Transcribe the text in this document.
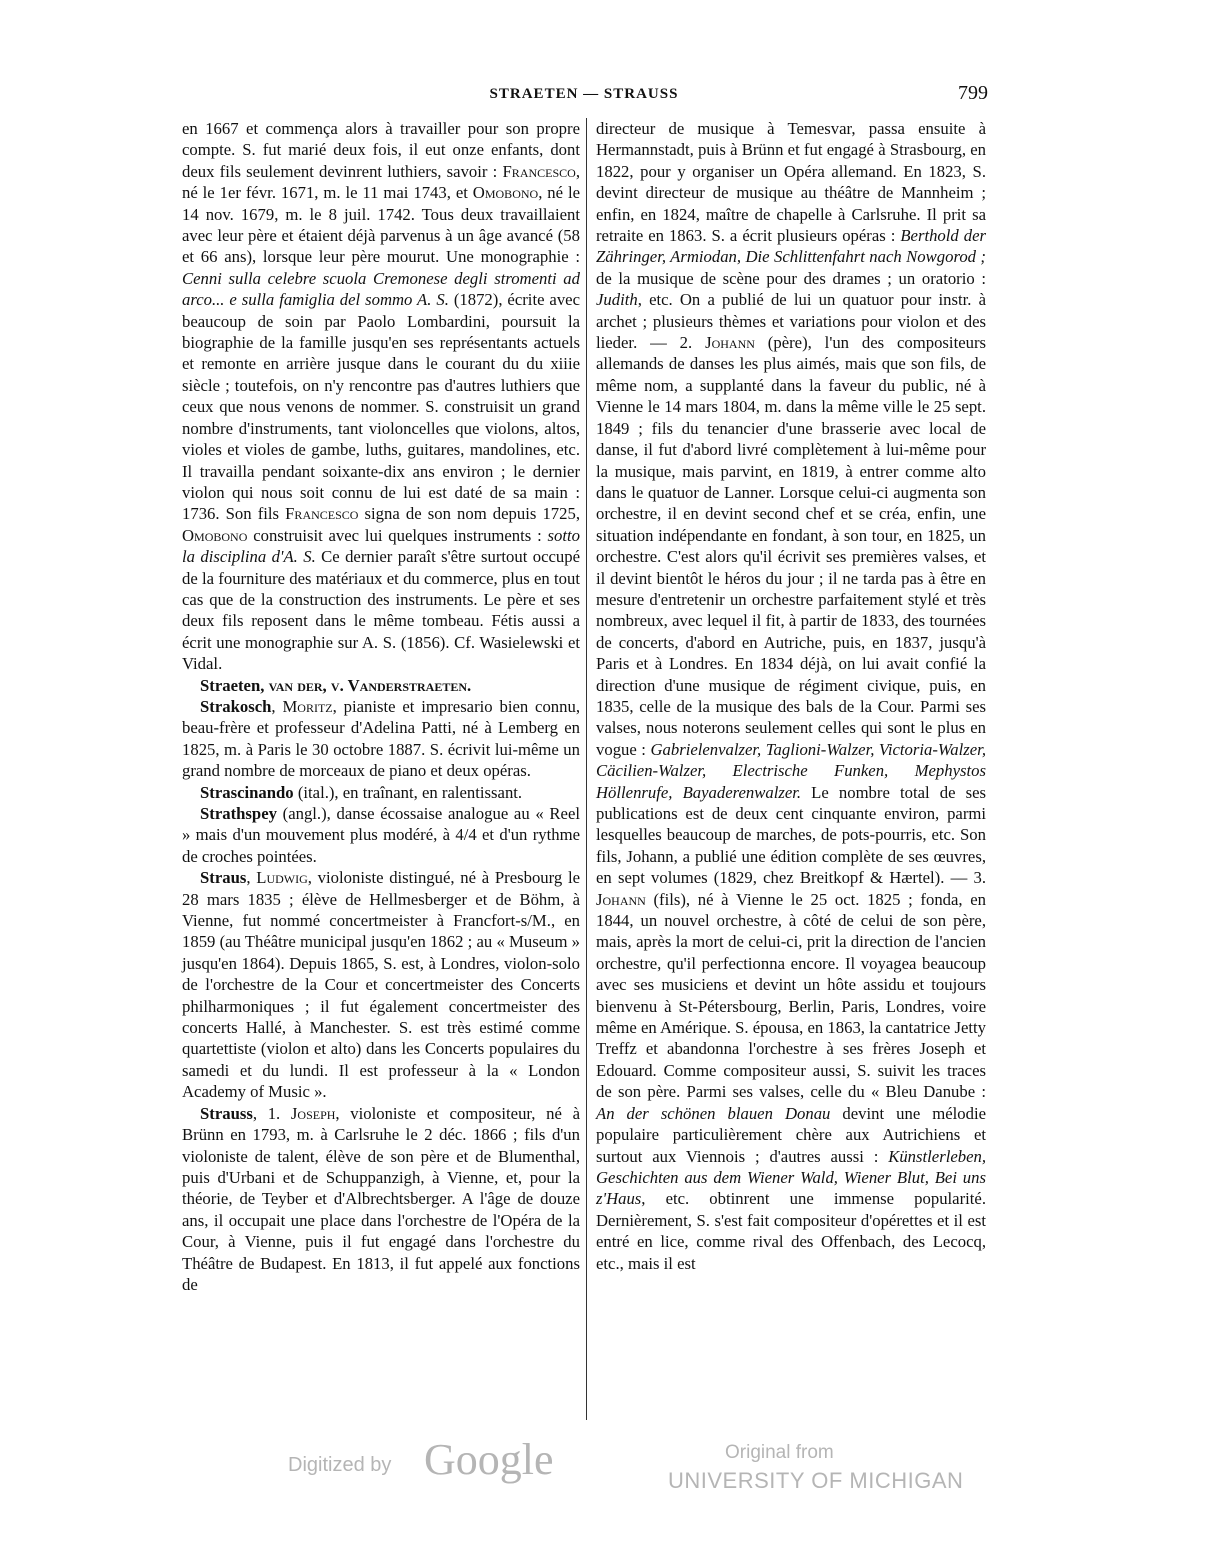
STRAETEN — STRAUSS	799

en 1667 et commença alors à travailler pour son propre compte. S. fut marié deux fois, il eut onze enfants, dont deux fils seulement devinrent luthiers, savoir : Francesco, né le 1er févr. 1671, m. le 11 mai 1743, et Omobono, né le 14 nov. 1679, m. le 8 juil. 1742. Tous deux travaillaient avec leur père et étaient déjà parvenus à un âge avancé (58 et 66 ans), lorsque leur père mourut. Une monographie : Cenni sulla celebre scuola Cremonese degli stromenti ad arco... e sulla famiglia del sommo A. S. (1872), écrite avec beaucoup de soin par Paolo Lombardini, poursuit la biographie de la famille jusqu'en ses représentants actuels et remonte en arrière jusque dans le courant du du xiiie siècle ; toutefois, on n'y rencontre pas d'autres luthiers que ceux que nous venons de nommer. S. construisit un grand nombre d'instruments, tant violoncelles que violons, altos, violes et violes de gambe, luths, guitares, mandolines, etc. Il travailla pendant soixante-dix ans environ ; le dernier violon qui nous soit connu de lui est daté de sa main : 1736. Son fils Francesco signa de son nom depuis 1725, Omobono construisit avec lui quelques instruments : sotto la disciplina d'A. S. Ce dernier paraît s'être surtout occupé de la fourniture des matériaux et du commerce, plus en tout cas que de la construction des instruments. Le père et ses deux fils reposent dans le même tombeau. Fétis aussi a écrit une monographie sur A. S. (1856). Cf. Wasielewski et Vidal.

Straeten, van der, v. Vanderstraeten.

Strakosch, Moritz, pianiste et impresario bien connu, beau-frère et professeur d'Adelina Patti, né à Lemberg en 1825, m. à Paris le 30 octobre 1887. S. écrivit lui-même un grand nombre de morceaux de piano et deux opéras.

Strascinando (ital.), en traînant, en ralentissant.

Strathspey (angl.), danse écossaise analogue au « Reel » mais d'un mouvement plus modéré, à 4/4 et d'un rythme de croches pointées.

Straus, Ludwig, violoniste distingué, né à Presbourg le 28 mars 1835 ; élève de Hellmesberger et de Böhm, à Vienne, fut nommé concertmeister à Francfort-s/M., en 1859 (au Théâtre municipal jusqu'en 1862 ; au « Museum » jusqu'en 1864). Depuis 1865, S. est, à Londres, violon-solo de l'orchestre de la Cour et concertmeister des Concerts philharmoniques ; il fut également concertmeister des concerts Hallé, à Manchester. S. est très estimé comme quartettiste (violon et alto) dans les Concerts populaires du samedi et du lundi. Il est professeur à la « London Academy of Music ».

Strauss, 1. Joseph, violoniste et compositeur, né à Brünn en 1793, m. à Carlsruhe le 2 déc. 1866 ; fils d'un violoniste de talent, élève de son père et de Blumenthal, puis d'Urbani et de Schuppanzigh, à Vienne, et, pour la théorie, de Teyber et d'Albrechtsberger. A l'âge de douze ans, il occupait une place dans l'orchestre de l'Opéra de la Cour, à Vienne, puis il fut engagé dans l'orchestre du Théâtre de Budapest. En 1813, il fut appelé aux fonctions de

directeur de musique à Temesvar, passa ensuite à Hermannstadt, puis à Brünn et fut engagé à Strasbourg, en 1822, pour y organiser un Opéra allemand. En 1823, S. devint directeur de musique au théâtre de Mannheim ; enfin, en 1824, maître de chapelle à Carlsruhe. Il prit sa retraite en 1863. S. a écrit plusieurs opéras : Berthold der Zähringer, Armiodan, Die Schlittenfahrt nach Nowgorod ; de la musique de scène pour des drames ; un oratorio : Judith, etc. On a publié de lui un quatuor pour instr. à archet ; plusieurs thèmes et variations pour violon et des lieder. — 2. Johann (père), l'un des compositeurs allemands de danses les plus aimés, mais que son fils, de même nom, a supplanté dans la faveur du public, né à Vienne le 14 mars 1804, m. dans la même ville le 25 sept. 1849 ; fils du tenancier d'une brasserie avec local de danse, il fut d'abord livré complètement à lui-même pour la musique, mais parvint, en 1819, à entrer comme alto dans le quatuor de Lanner. Lorsque celui-ci augmenta son orchestre, il en devint second chef et se créa, enfin, une situation indépendante en fondant, à son tour, en 1825, un orchestre. C'est alors qu'il écrivit ses premières valses, et il devint bientôt le héros du jour ; il ne tarda pas à être en mesure d'entretenir un orchestre parfaitement stylé et très nombreux, avec lequel il fit, à partir de 1833, des tournées de concerts, d'abord en Autriche, puis, en 1837, jusqu'à Paris et à Londres. En 1834 déjà, on lui avait confié la direction d'une musique de régiment civique, puis, en 1835, celle de la musique des bals de la Cour. Parmi ses valses, nous noterons seulement celles qui sont le plus en vogue : Gabrielenvalzer, Taglioni-Walzer, Victoria-Walzer, Cäcilien-Walzer, Electrische Funken, Mephystos Höllenrufe, Bayaderenwalzer. Le nombre total de ses publications est de deux cent cinquante environ, parmi lesquelles beaucoup de marches, de pots-pourris, etc. Son fils, Johann, a publié une édition complète de ses œuvres, en sept volumes (1829, chez Breitkopf & Hærtel). — 3. Johann (fils), né à Vienne le 25 oct. 1825 ; fonda, en 1844, un nouvel orchestre, à côté de celui de son père, mais, après la mort de celui-ci, prit la direction de l'ancien orchestre, qu'il perfectionna encore. Il voyagea beaucoup avec ses musiciens et devint un hôte assidu et toujours bienvenu à St-Pétersbourg, Berlin, Paris, Londres, voire même en Amérique. S. épousa, en 1863, la cantatrice Jetty Treffz et abandonna l'orchestre à ses frères Joseph et Edouard. Comme compositeur aussi, S. suivit les traces de son père. Parmi ses valses, celle du « Bleu Danube : An der schönen blauen Donau devint une mélodie populaire particulièrement chère aux Autrichiens et surtout aux Viennois ; d'autres aussi : Künstlerleben, Geschichten aus dem Wiener Wald, Wiener Blut, Bei uns z'Haus, etc. obtinrent une immense popularité. Dernièrement, S. s'est fait compositeur d'opérettes et il est entré en lice, comme rival des Offenbach, des Lecocq, etc., mais il est

Digitized by Google	Original from
UNIVERSITY OF MICHIGAN
